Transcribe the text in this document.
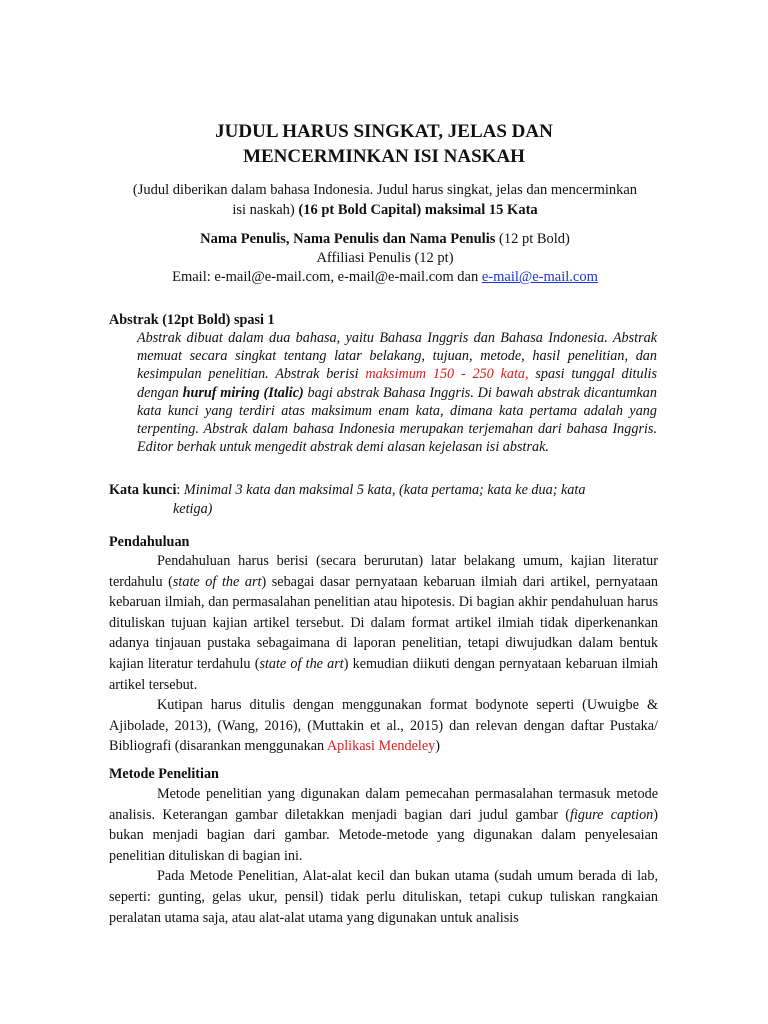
JUDUL HARUS SINGKAT, JELAS DAN
MENCERMINKAN ISI NASKAH
(Judul diberikan dalam bahasa Indonesia. Judul harus singkat, jelas dan mencerminkan
isi naskah) (16 pt Bold Capital) maksimal 15 Kata
Nama Penulis, Nama Penulis dan Nama Penulis (12 pt Bold)
Affiliasi Penulis (12 pt)
Email: e-mail@e-mail.com, e-mail@e-mail.com dan e-mail@e-mail.com
Abstrak (12pt Bold) spasi 1
Abstrak dibuat dalam dua bahasa, yaitu Bahasa Inggris dan Bahasa Indonesia. Abstrak memuat secara singkat tentang latar belakang, tujuan, metode, hasil penelitian, dan kesimpulan penelitian. Abstrak berisi maksimum 150 - 250 kata, spasi tunggal ditulis dengan huruf miring (Italic) bagi abstrak Bahasa Inggris. Di bawah abstrak dicantumkan kata kunci yang terdiri atas maksimum enam kata, dimana kata pertama adalah yang terpenting. Abstrak dalam bahasa Indonesia merupakan terjemahan dari bahasa Inggris. Editor berhak untuk mengedit abstrak demi alasan kejelasan isi abstrak.
Kata kunci: Minimal 3 kata dan maksimal 5 kata, (kata pertama; kata ke dua; kata
ketiga)
Pendahuluan

Pendahuluan harus berisi (secara berurutan) latar belakang umum, kajian literatur terdahulu (state of the art) sebagai dasar pernyataan kebaruan ilmiah dari artikel, pernyataan kebaruan ilmiah, dan permasalahan penelitian atau hipotesis. Di bagian akhir pendahuluan harus dituliskan tujuan kajian artikel tersebut. Di dalam format artikel ilmiah tidak diperkenankan adanya tinjauan pustaka sebagaimana di laporan penelitian, tetapi diwujudkan dalam bentuk kajian literatur terdahulu (state of the art) kemudian diikuti dengan pernyataan kebaruan ilmiah artikel tersebut.

Kutipan harus ditulis dengan menggunakan format bodynote seperti (Uwuigbe & Ajibolade, 2013), (Wang, 2016), (Muttakin et al., 2015) dan relevan dengan daftar Pustaka/ Bibliografi (disarankan menggunakan Aplikasi Mendeley)

Metode Penelitian

Metode penelitian yang digunakan dalam pemecahan permasalahan termasuk metode analisis. Keterangan gambar diletakkan menjadi bagian dari judul gambar (figure caption) bukan menjadi bagian dari gambar. Metode-metode yang digunakan dalam penyelesaian penelitian dituliskan di bagian ini.

Pada Metode Penelitian, Alat-alat kecil dan bukan utama (sudah umum berada di lab, seperti: gunting, gelas ukur, pensil) tidak perlu dituliskan, tetapi cukup tuliskan rangkaian peralatan utama saja, atau alat-alat utama yang digunakan untuk analisis
